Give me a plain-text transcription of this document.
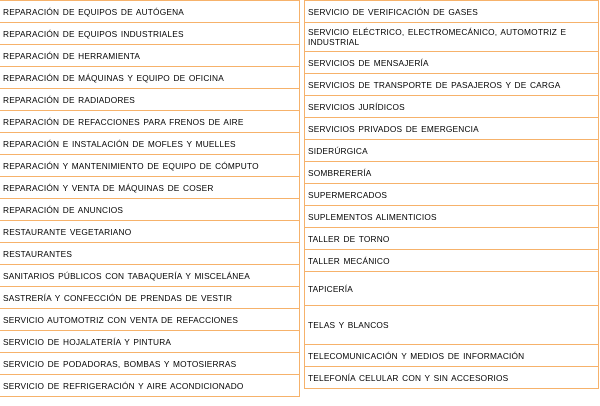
REPARACIÓN DE EQUIPOS DE AUTÓGENA
REPARACIÓN DE EQUIPOS INDUSTRIALES
REPARACIÓN DE HERRAMIENTA
REPARACIÓN DE MÁQUINAS Y EQUIPO DE OFICINA
REPARACIÓN DE RADIADORES
REPARACIÓN DE REFACCIONES PARA FRENOS DE AIRE
REPARACIÓN E INSTALACIÓN DE MOFLES Y MUELLES
REPARACIÓN Y MANTENIMIENTO DE EQUIPO DE CÓMPUTO
REPARACIÓN Y VENTA DE MÁQUINAS DE COSER
REPARACIÓN DE ANUNCIOS
RESTAURANTE VEGETARIANO
RESTAURANTES
SANITARIOS PÚBLICOS CON TABAQUERÍA Y MISCELÁNEA
SASTRERÍA Y CONFECCIÓN DE PRENDAS DE VESTIR
SERVICIO AUTOMOTRIZ CON VENTA DE REFACCIONES
SERVICIO DE HOJALATERÍA Y PINTURA
SERVICIO DE PODADORAS, BOMBAS Y MOTOSIERRAS
SERVICIO DE REFRIGERACIÓN Y AIRE ACONDICIONADO
SERVICIO DE VERIFICACIÓN DE GASES
SERVICIO ELÉCTRICO, ELECTROMECÁNICO, AUTOMOTRIZ E INDUSTRIAL
SERVICIOS DE MENSAJERÍA
SERVICIOS DE TRANSPORTE DE PASAJEROS Y DE CARGA
SERVICIOS JURÍDICOS
SERVICIOS PRIVADOS DE EMERGENCIA
SIDERÚRGICA
SOMBRERERÍA
SUPERMERCADOS
SUPLEMENTOS ALIMENTICIOS
TALLER DE TORNO
TALLER MECÁNICO
TAPICERÍA
TELAS Y BLANCOS
TELECOMUNICACIÓN Y MEDIOS DE INFORMACIÓN
TELEFONÍA CELULAR CON Y SIN ACCESORIOS
